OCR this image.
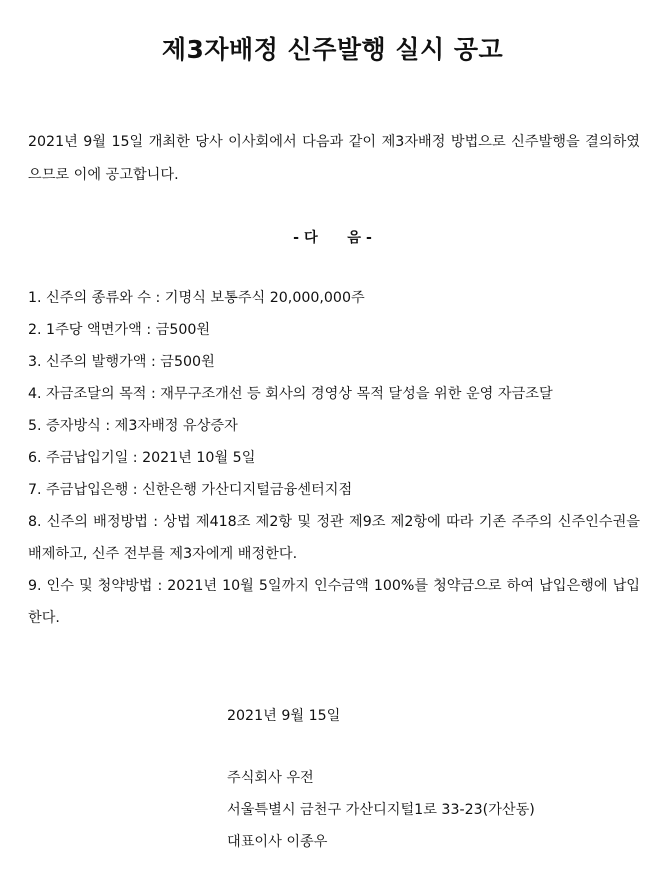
제3자배정 신주발행 실시 공고

2021년 9월 15일 개최한 당사 이사회에서 다음과 같이 제3자배정 방법으로 신주발행을 결의하였으므로 이에 공고합니다.

- 다      음 -

1. 신주의 종류와 수 : 기명식 보통주식 20,000,000주
2. 1주당 액면가액 : 금500원
3. 신주의 발행가액 : 금500원
4. 자금조달의 목적 : 재무구조개선 등 회사의 경영상 목적 달성을 위한 운영 자금조달
5. 증자방식 : 제3자배정 유상증자
6. 주금납입기일 : 2021년 10월 5일
7. 주금납입은행 : 신한은행 가산디지털금융센터지점
8. 신주의 배정방법 : 상법 제418조 제2항 및 정관 제9조 제2항에 따라 기존 주주의 신주인수권을 배제하고, 신주 전부를 제3자에게 배정한다.
9. 인수 및 청약방법 : 2021년 10월 5일까지 인수금액 100%를 청약금으로 하여 납입은행에 납입한다.

2021년 9월 15일

주식회사 우전

서울특별시 금천구 가산디지털1로 33-23(가산동)

대표이사 이종우
